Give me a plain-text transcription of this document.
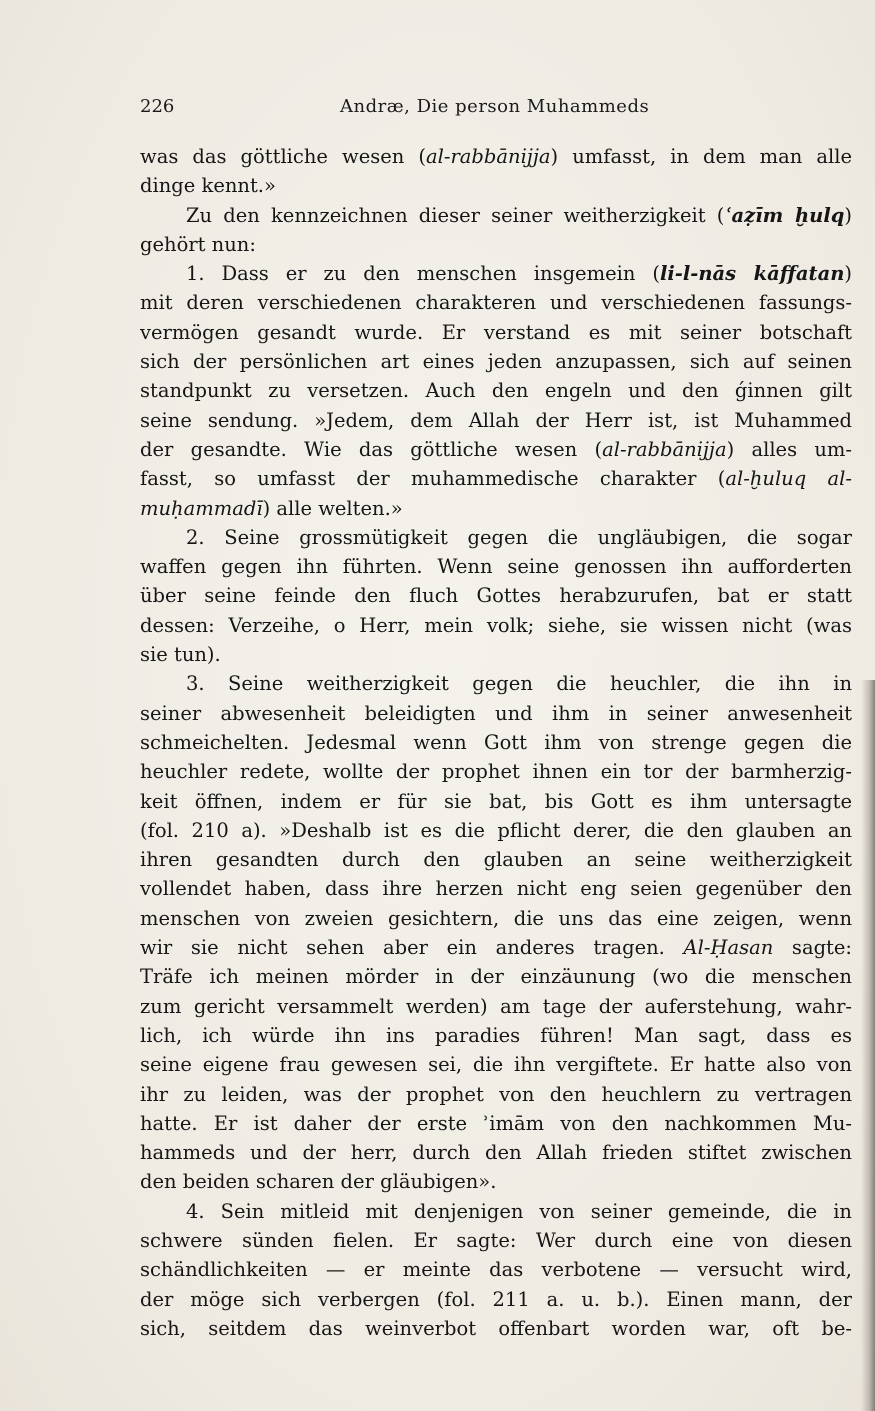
226	Andræ, Die person Muhammeds
was das göttliche wesen (al-rabbānijja) umfasst, in dem man alle
dinge kennt.»
Zu den kennzeichnen dieser seiner weitherzigkeit (ʿaẓīm ḫulq)
gehört nun:
1. Dass er zu den menschen insgemein (li-l-nās kāffatan)
mit deren verschiedenen charakteren und verschiedenen fassungs-
vermögen gesandt wurde. Er verstand es mit seiner botschaft
sich der persönlichen art eines jeden anzupassen, sich auf seinen
standpunkt zu versetzen. Auch den engeln und den ǵinnen gilt
seine sendung. »Jedem, dem Allah der Herr ist, ist Muhammed
der gesandte. Wie das göttliche wesen (al-rabbānijja) alles um-
fasst, so umfasst der muhammedische charakter (al-ḫuluq al-
muḥammadī) alle welten.»
2. Seine grossmütigkeit gegen die ungläubigen, die sogar
waffen gegen ihn führten. Wenn seine genossen ihn aufforderten
über seine feinde den fluch Gottes herabzurufen, bat er statt
dessen: Verzeihe, o Herr, mein volk; siehe, sie wissen nicht (was
sie tun).
3. Seine weitherzigkeit gegen die heuchler, die ihn in
seiner abwesenheit beleidigten und ihm in seiner anwesenheit
schmeichelten. Jedesmal wenn Gott ihm von strenge gegen die
heuchler redete, wollte der prophet ihnen ein tor der barmherzig-
keit öffnen, indem er für sie bat, bis Gott es ihm untersagte
(fol. 210 a). »Deshalb ist es die pflicht derer, die den glauben an
ihren gesandten durch den glauben an seine weitherzigkeit
vollendet haben, dass ihre herzen nicht eng seien gegenüber den
menschen von zweien gesichtern, die uns das eine zeigen, wenn
wir sie nicht sehen aber ein anderes tragen. Al-Ḥasan sagte:
Träfe ich meinen mörder in der einzäunung (wo die menschen
zum gericht versammelt werden) am tage der auferstehung, wahr-
lich, ich würde ihn ins paradies führen! Man sagt, dass es
seine eigene frau gewesen sei, die ihn vergiftete. Er hatte also von
ihr zu leiden, was der prophet von den heuchlern zu vertragen
hatte. Er ist daher der erste ʾimām von den nachkommen Mu-
hammeds und der herr, durch den Allah frieden stiftet zwischen
den beiden scharen der gläubigen».
4. Sein mitleid mit denjenigen von seiner gemeinde, die in
schwere sünden fielen. Er sagte: Wer durch eine von diesen
schändlichkeiten — er meinte das verbotene — versucht wird,
der möge sich verbergen (fol. 211 a. u. b.). Einen mann, der
sich, seitdem das weinverbot offenbart worden war, oft be-
